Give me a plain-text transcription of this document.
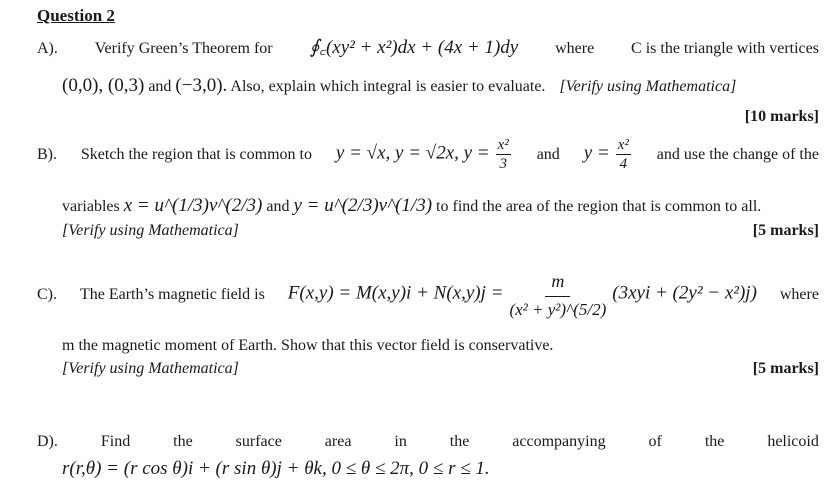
Question 2
A). Verify Green’s Theorem for ∮꜀(xy² + x²)dx + (4x + 1)dy where C is the triangle with vertices
(0,0), (0,3) and (−3,0). Also, explain which integral is easier to evaluate. [Verify using Mathematica]
[10 marks]
B). Sketch the region that is common to y = √x, y = √2x, $y = \frac{\text{x²}}{3}$ and $y = \frac{\text{x²}}{4}$ and use the change of the
variables x = u^(1/3)v^(2/3) and y = u^(2/3)v^(1/3) to find the area of the region that is common to all.
[Verify using Mathematica]	[5 marks]
C). The Earth’s magnetic field is $F(x,y) = M(x,y)i + N(x,y)j = \frac{m}{\text{(x² + y²)\textasciicircum{}(5/2)}} (3xyi + (2y^2 - x^2)j)$ where
m the magnetic moment of Earth. Show that this vector field is conservative.
[Verify using Mathematica]	[5 marks]
D).	Find	the	surface	area	in	the	accompanying	of	the	helicoid
r(r,θ) = (r cos θ)i + (r sin θ)j + θk, 0 ≤ θ ≤ 2π, 0 ≤ r ≤ 1.
